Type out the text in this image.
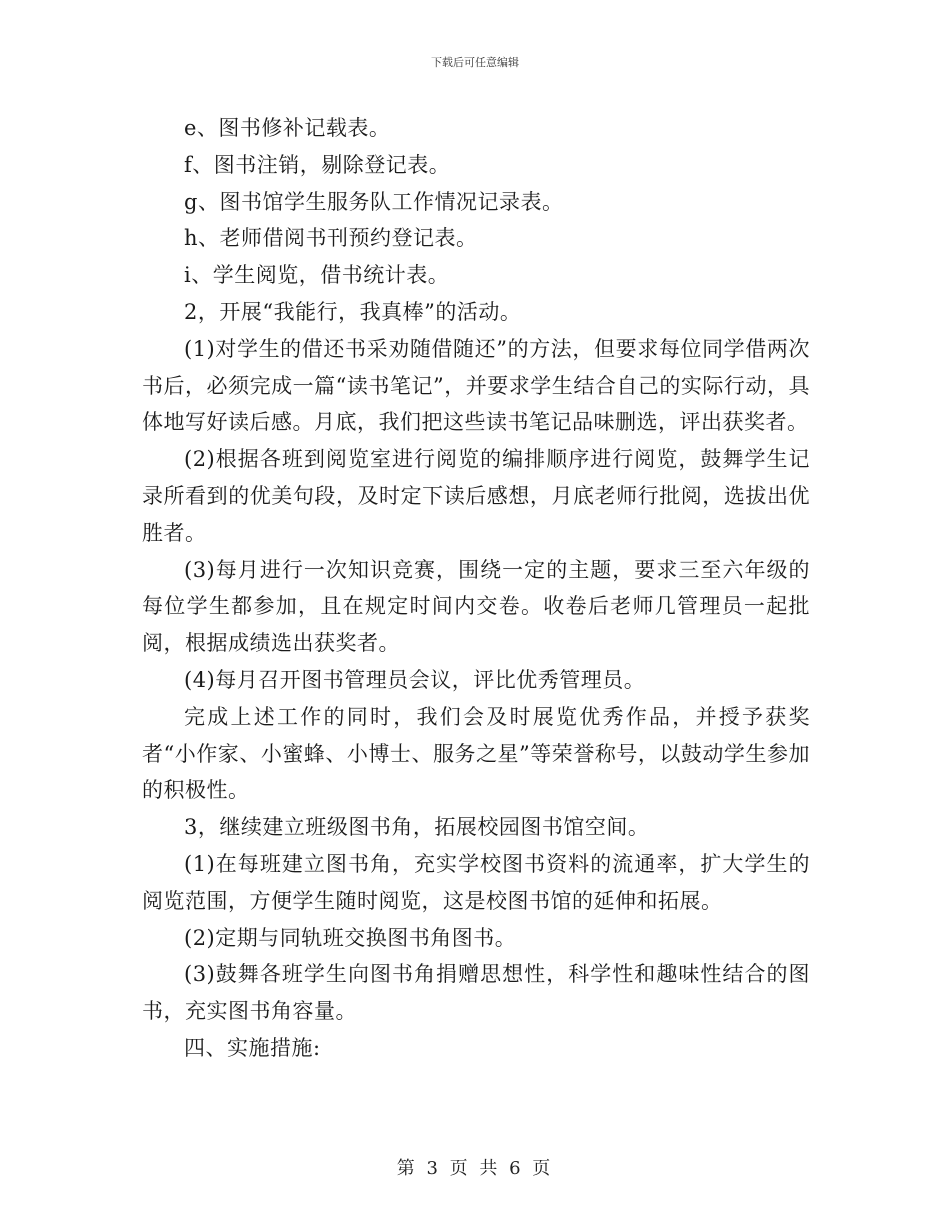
下载后可任意编辑

e、图书修补记载表。

f、图书注销，剔除登记表。

g、图书馆学生服务队工作情况记录表。

h、老师借阅书刊预约登记表。

i、学生阅览，借书统计表。

2，开展“我能行，我真棒”的活动。

(1)对学生的借还书采劝随借随还”的方法，但要求每位同学借两次书后，必须完成一篇“读书笔记”，并要求学生结合自己的实际行动，具体地写好读后感。月底，我们把这些读书笔记品味删选，评出获奖者。

(2)根据各班到阅览室进行阅览的编排顺序进行阅览，鼓舞学生记录所看到的优美句段，及时定下读后感想，月底老师行批阅，选拔出优胜者。

(3)每月进行一次知识竞赛，围绕一定的主题，要求三至六年级的每位学生都参加，且在规定时间内交卷。收卷后老师几管理员一起批阅，根据成绩选出获奖者。

(4)每月召开图书管理员会议，评比优秀管理员。

完成上述工作的同时，我们会及时展览优秀作品，并授予获奖者“小作家、小蜜蜂、小博士、服务之星”等荣誉称号，以鼓动学生参加的积极性。

3，继续建立班级图书角，拓展校园图书馆空间。

(1)在每班建立图书角，充实学校图书资料的流通率，扩大学生的阅览范围，方便学生随时阅览，这是校图书馆的延伸和拓展。

(2)定期与同轨班交换图书角图书。

(3)鼓舞各班学生向图书角捐赠思想性，科学性和趣味性结合的图书，充实图书角容量。

四、实施措施:

第 3 页 共 6 页
